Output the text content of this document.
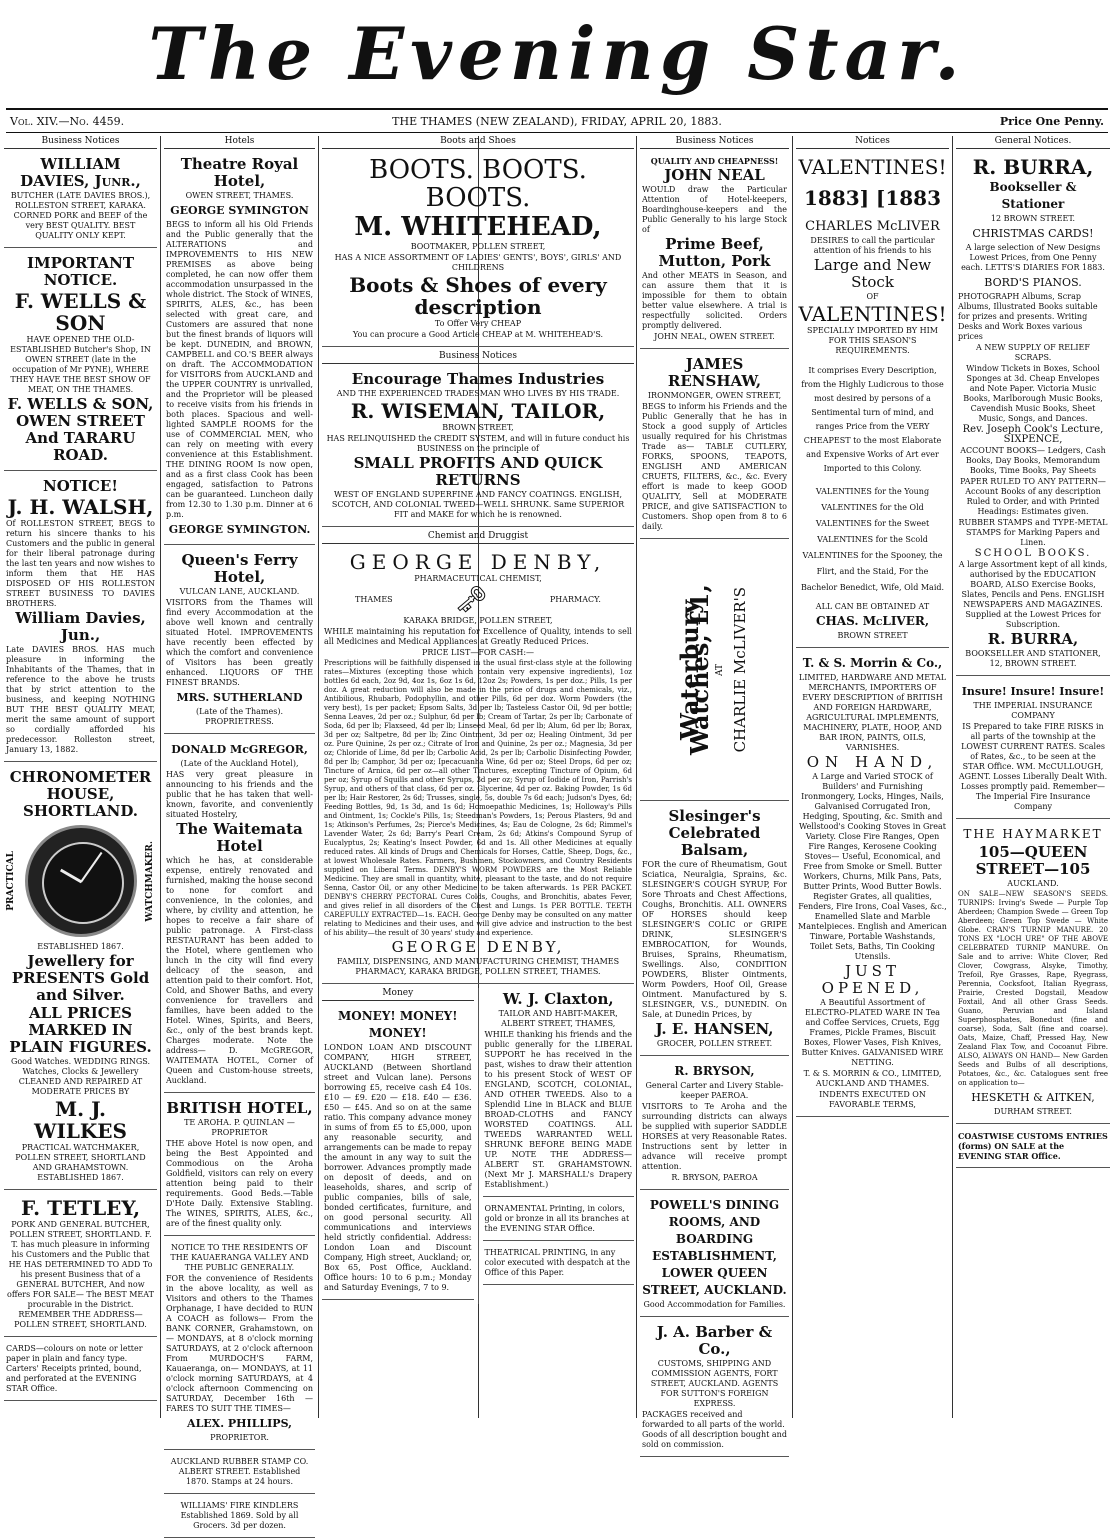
The Evening Star.
Vol. XIV.—No. 4459.	THE THAMES (NEW ZEALAND), FRIDAY, APRIL 20, 1883.	Price One Penny.
Business Notices

WILLIAM DAVIES, Junr.,

BUTCHER (LATE DAVIES BROS.), ROLLESTON STREET, KARAKA. CORNED PORK and BEEF of the very BEST QUALITY. BEST QUALITY ONLY KEPT.

IMPORTANT NOTICE.

F. WELLS & SON

HAVE OPENED THE OLD-ESTABLISHED Butcher's Shop, IN OWEN STREET (late in the occupation of Mr PYNE), WHERE THEY HAVE THE BEST SHOW OF MEAT, ON THE THAMES.

F. WELLS & SON, OWEN STREET And TARARU ROAD.

NOTICE!

J. H. WALSH,

Of ROLLESTON STREET, BEGS to return his sincere thanks to his Customers and the public in general for their liberal patronage during the last ten years and now wishes to inform them that HE HAS DISPOSED OF HIS ROLLESTON STREET BUSINESS TO DAVIES BROTHERS.

William Davies, Jun.,

Late DAVIES BROS. HAS much pleasure in informing the Inhabitants of the Thames, that in reference to the above he trusts that by strict attention to the business, and keeping NOTHING BUT THE BEST QUALITY MEAT, merit the same amount of support so cordially afforded his predecessor. Rolleston street, January 13, 1882.

CHRONOMETER HOUSE, SHORTLAND.

PRACTICAL	WATCHMAKER.

ESTABLISHED 1867.

Jewellery for PRESENTS Gold and Silver.

ALL PRICES MARKED IN PLAIN FIGURES.

Good Watches. WEDDING RINGS. Watches, Clocks & Jewellery CLEANED AND REPAIRED AT MODERATE PRICES BY

M. J. WILKES

PRACTICAL WATCHMAKER, POLLEN STREET, SHORTLAND AND GRAHAMSTOWN. ESTABLISHED 1867.

F. TETLEY,

PORK AND GENERAL BUTCHER, POLLEN STREET, SHORTLAND. F. T. has much pleasure in informing his Customers and the Public that HE HAS DETERMINED TO ADD To his present Business that of a GENERAL BUTCHER, And now offers FOR SALE— The BEST MEAT procurable in the District. REMEMBER THE ADDRESS— POLLEN STREET, SHORTLAND.

CARDS—colours on note or letter paper in plain and fancy type. Carters' Receipts printed, bound, and perforated at the EVENING STAR Office.

Hotels

Theatre Royal Hotel,

OWEN STREET, THAMES.

GEORGE SYMINGTON

BEGS to inform all his Old Friends and the Public generally that the ALTERATIONS and IMPROVEMENTS to HIS NEW PREMISES as above being completed, he can now offer them accommodation unsurpassed in the whole district. The Stock of WINES, SPIRITS, ALES, &c., has been selected with great care, and Customers are assured that none but the finest brands of liquors will be kept. DUNEDIN, and BROWN, CAMPBELL and CO.'S BEER always on draft. The ACCOMMODATION for VISITORS from AUCKLAND and the UPPER COUNTRY is unrivalled, and the Proprietor will be pleased to receive visits from his friends in both places. Spacious and well-lighted SAMPLE ROOMS for the use of COMMERCIAL MEN, who can rely on meeting with every convenience at this Establishment. THE DINING ROOM Is now open, and as a first class Cook has been engaged, satisfaction to Patrons can be guaranteed. Luncheon daily from 12.30 to 1.30 p.m. Dinner at 6 p.m.

GEORGE SYMINGTON.

Queen's Ferry Hotel,

VULCAN LANE, AUCKLAND.

VISITORS from the Thames will find every Accommodation at the above well known and centrally situated Hotel. IMPROVEMENTS have recently been effected by which the comfort and convenience of Visitors has been greatly enhanced. LIQUORS OF THE FINEST BRANDS.

MRS. SUTHERLAND

(Late of the Thames). PROPRIETRESS.

DONALD McGREGOR,

(Late of the Auckland Hotel),

HAS very great pleasure in announcing to his friends and the public that he has taken that well-known, favorite, and conveniently situated Hostelry,

The Waitemata Hotel

which he has, at considerable expense, entirely renovated and furnished, making the house second to none for comfort and convenience, in the colonies, and where, by civility and attention, he hopes to receive a fair share of public patronage. A First-class RESTAURANT has been added to the Hotel, where gentlemen who lunch in the city will find every delicacy of the season, and attention paid to their comfort. Hot, Cold, and Shower Baths, and every convenience for travellers and families, have been added to the Hotel. Wines, Spirits, and Beers, &c., only of the best brands kept. Charges moderate. Note the address— D. McGREGOR, WAITEMATA HOTEL, Corner of Queen and Custom-house streets, Auckland.

BRITISH HOTEL,

TE AROHA. P. QUINLAN — PROPRIETOR

THE above Hotel is now open, and being the Best Appointed and Commodious on the Aroha Goldfield, visitors can rely on every attention being paid to their requirements. Good Beds.—Table D'Hote Daily. Extensive Stabling. The WINES, SPIRITS, ALES, &c., are of the finest quality only.

NOTICE TO THE RESIDENTS OF THE KAUAERANGA VALLEY AND THE PUBLIC GENERALLY.

FOR the convenience of Residents in the above locality, as well as Visitors and others to the Thames Orphanage, I have decided to RUN A COACH as follows— From the BANK CORNER, Grahamstown, on— MONDAYS, at 8 o'clock morning SATURDAYS, at 2 o'clock afternoon From MURDOCH'S FARM, Kauaeranga, on— MONDAYS, at 11 o'clock morning SATURDAYS, at 4 o'clock afternoon Commencing on SATURDAY, December 16th —FARES TO SUIT THE TIMES—

ALEX. PHILLIPS,

PROPRIETOR.

AUCKLAND RUBBER STAMP CO. ALBERT STREET. Established 1870. Stamps at 24 hours.

WILLIAMS' FIRE KINDLERS Established 1869. Sold by all Grocers. 3d per dozen.

Boots and Shoes

BOOTS. BOOTS. BOOTS.

M. WHITEHEAD,

BOOTMAKER, POLLEN STREET,

HAS A NICE ASSORTMENT OF LADIES' GENTS', BOYS', GIRLS' AND CHILDRENS

Boots & Shoes of every description

To Offer Very CHEAP

You can procure a Good Article CHEAP at M. WHITEHEAD'S.

Business Notices

Encourage Thames Industries

AND THE EXPERIENCED TRADESMAN WHO LIVES BY HIS TRADE.

R. WISEMAN, TAILOR,

BROWN STREET,

HAS RELINQUISHED the CREDIT SYSTEM, and will in future conduct his BUSINESS on the principle of

SMALL PROFITS AND QUICK RETURNS

WEST OF ENGLAND SUPERFINE AND FANCY COATINGS. ENGLISH, SCOTCH, AND COLONIAL TWEED—WELL SHRUNK. Same SUPERIOR FIT and MAKE for which he is renowned.

Chemist and Druggist

GEORGE DENBY,

PHARMACEUTICAL CHEMIST,

THAMES 🗝	PHARMACY.

KARAKA BRIDGE, POLLEN STREET,

WHILE maintaining his reputation for Excellence of Quality, intends to sell all Medicines and Medical Appliances at Greatly Reduced Prices.

PRICE LIST—FOR CASH:—

Prescriptions will be faithfully dispensed in the usual first-class style at the following rates—Mixtures (excepting those which contain very expensive ingredients), 1oz bottles 6d each, 2oz 9d, 4oz 1s, 6oz 1s 6d, 12oz 2s; Powders, 1s per doz.; Pills, 1s per doz. A great reduction will also be made in the price of drugs and chemicals, viz., Antibilious, Rhubarb, Podophyllin, and other Pills, 6d per doz. Worm Powders (the very best), 1s per packet; Epsom Salts, 3d per lb; Tasteless Castor Oil, 9d per bottle; Senna Leaves, 2d per oz.; Sulphur, 6d per lb; Cream of Tartar, 2s per lb; Carbonate of Soda, 6d per lb; Flaxseed, 4d per lb; Linseed Meal, 6d per lb; Alum, 6d per lb; Borax, 3d per oz; Saltpetre, 8d per lb; Zinc Ointment, 3d per oz; Healing Ointment, 3d per oz. Pure Quinine, 2s per oz.; Citrate of Iron and Quinine, 2s per oz.; Magnesia, 3d per oz; Chloride of Lime, 8d per lb; Carbolic Acid, 2s per lb; Carbolic Disinfecting Powder, 8d per lb; Camphor, 3d per oz; Ipecacuanha Wine, 6d per oz; Steel Drops, 6d per oz; Tincture of Arnica, 6d per oz—all other Tinctures, excepting Tincture of Opium, 6d per oz; Syrup of Squills and other Syrups, 3d per oz; Syrup of Iodide of Iron, Parrish's Syrup, and others of that class, 6d per oz. Glycerine, 4d per oz. Baking Powder, 1s 6d per lb; Hair Restorer, 2s 6d; Trusses, single, 5s, double 7s 6d each; Judson's Dyes, 6d; Feeding Bottles, 9d, 1s 3d, and 1s 6d; Homoepathic Medicines, 1s; Holloway's Pills and Ointment, 1s; Cockle's Pills, 1s; Steedman's Powders, 1s; Perous Plasters, 9d and 1s; Atkinson's Perfumes, 2s; Pierce's Medicines, 4s; Eau de Cologne, 2s 6d; Rimmel's Lavender Water, 2s 6d; Barry's Pearl Cream, 2s 6d; Atkins's Compound Syrup of Eucalyptus, 2s; Keating's Insect Powder, 6d and 1s. All other Medicines at equally reduced rates. All kinds of Drugs and Chemicals for Horses, Cattle, Sheep, Dogs, &c., at lowest Wholesale Rates. Farmers, Bushmen, Stockowners, and Country Residents supplied on Liberal Terms. DENBY'S WORM POWDERS are the Most Reliable Medicine. They are small in quantity, white, pleasant to the taste, and do not require Senna, Castor Oil, or any other Medicine to be taken afterwards. 1s PER PACKET. DENBY'S CHERRY PECTORAL Cures Colds, Coughs, and Bronchitis, abates Fever, and gives relief in all disorders of the Chest and Lungs. 1s PER BOTTLE. TEETH CAREFULLY EXTRACTED—1s. EACH. George Denby may be consulted on any matter relating to Medicines and their uses, and will give advice and instruction to the best of his ability—the result of 30 years' study and experience.

GEORGE DENBY,

FAMILY, DISPENSING, AND MANUFACTURING CHEMIST, THAMES PHARMACY, KARAKA BRIDGE, POLLEN STREET, THAMES.

Money

MONEY! MONEY! MONEY!

LONDON LOAN AND DISCOUNT COMPANY, HIGH STREET, AUCKLAND (Between Shortland street and Vulcan lane). Persons borrowing £5, receive cash £4 10s. £10 — £9. £20 — £18. £40 — £36. £50 — £45. And so on at the same ratio. This company advance money in sums of from £5 to £5,000, upon any reasonable security, and arrangements can be made to repay the amount in any way to suit the borrower. Advances promptly made on deposit of deeds, and on leaseholds, shares, and scrip of public companies, bills of sale, bonded certificates, furniture, and on good personal security. All communications and interviews held strictly confidential. Address: London Loan and Discount Company, High street, Auckland; or, Box 65, Post Office, Auckland. Office hours: 10 to 6 p.m.; Monday and Saturday Evenings, 7 to 9.

W. J. Claxton,

TAILOR AND HABIT-MAKER, ALBERT STREET, THAMES,

WHILE thanking his friends and the public generally for the LIBERAL SUPPORT he has received in the past, wishes to draw their attention to his present Stock of WEST OF ENGLAND, SCOTCH, COLONIAL, AND OTHER TWEEDS. Also to a Splendid Line in BLACK and BLUE BROAD-CLOTHS and FANCY WORSTED COATINGS. ALL TWEEDS WARRANTED WELL SHRUNK BEFORE BEING MADE UP. NOTE THE ADDRESS— ALBERT ST. GRAHAMSTOWN. (Next Mr J. MARSHALL's Drapery Establishment.)

ORNAMENTAL Printing, in colors, gold or bronze in all its branches at the EVENING STAR Office.

THEATRICAL PRINTING, in any color executed with despatch at the Office of this Paper.

Business Notices

QUALITY AND CHEAPNESS!

JOHN NEAL

WOULD draw the Particular Attention of Hotel-keepers, Boardinghouse-keepers and the Public Generally to his large Stock of

Prime Beef, Mutton, Pork

And other MEATS in Season, and can assure them that it is impossible for them to obtain better value elsewhere. A trial is respectfully solicited. Orders promptly delivered.

JOHN NEAL, OWEN STREET.

JAMES RENSHAW,

IRONMONGER, OWEN STREET,

BEGS to inform his Friends and the Public Generally that he has in Stock a good supply of Articles usually required for his Christmas Trade as— TABLE CUTLERY, FORKS, SPOONS, TEAPOTS, ENGLISH AND AMERICAN CRUETS, FILTERS, &c., &c. Every effort is made to keep GOOD QUALITY, Sell at MODERATE PRICE, and give SATISFACTION to Customers. Shop open from 8 to 6 daily.

Waterbury Watches, £1, AT CHARLIE McLIVER'S

Slesinger's Celebrated Balsam,

FOR the cure of Rheumatism, Gout Sciatica, Neuralgia, Sprains, &c. SLESINGER'S COUGH SYRUP, For Sore Throats and Chest Affections, Coughs, Bronchitis. ALL OWNERS OF HORSES should keep SLESINGER'S COLIC or GRIPE DRINK, SLESINGER'S EMBROCATION, for Wounds, Bruises, Sprains, Rheumatism, Swellings. Also, CONDITION POWDERS, Blister Ointments, Worm Powders, Hoof Oil, Grease Ointment. Manufactured by S. SLESINGER, V.S., DUNEDIN. On Sale, at Dunedin Prices, by

J. E. HANSEN,

GROCER, POLLEN STREET.

R. BRYSON,

General Carter and Livery Stable-keeper PAEROA.

VISITORS to Te Aroha and the surrounding districts can always be supplied with superior SADDLE HORSES at very Reasonable Rates. Instructions sent by letter in advance will receive prompt attention.

R. BRYSON, PAEROA

POWELL'S DINING ROOMS, AND BOARDING ESTABLISHMENT, LOWER QUEEN STREET, AUCKLAND.

Good Accommodation for Families.

J. A. Barber & Co.,

CUSTOMS, SHIPPING AND COMMISSION AGENTS, FORT STREET, AUCKLAND. AGENTS FOR SUTTON'S FOREIGN EXPRESS.

PACKAGES received and forwarded to all parts of the world. Goods of all description bought and sold on commission.

Notices

VALENTINES!

1883] [1883

CHARLES McLIVER

DESIRES to call the particular attention of his friends to his

Large and New Stock

OF

VALENTINES!

SPECIALLY IMPORTED BY HIM FOR THIS SEASON'S REQUIREMENTS.

It comprises Every Description, from the Highly Ludicrous to those most desired by persons of a Sentimental turn of mind, and ranges Price from the VERY CHEAPEST to the most Elaborate and Expensive Works of Art ever Imported to this Colony.

VALENTINES for the Young VALENTINES for the Old VALENTINES for the Sweet VALENTINES for the Scold VALENTINES for the Spooney, the Flirt, and the Staid, For the Bachelor Benedict, Wife, Old Maid.

ALL CAN BE OBTAINED AT

CHAS. McLIVER,

BROWN STREET

T. & S. Morrin & Co.,

LIMITED, HARDWARE AND METAL MERCHANTS, IMPORTERS OF EVERY DESCRIPTION of BRITISH AND FOREIGN HARDWARE, AGRICULTURAL IMPLEMENTS, MACHINERY, PLATE, HOOP, AND BAR IRON, PAINTS, OILS, VARNISHES.

ON HAND,

A Large and Varied STOCK of Builders' and Furnishing Ironmongery, Locks, Hinges, Nails, Galvanised Corrugated Iron, Hedging, Spouting, &c. Smith and Wellstood's Cooking Stoves in Great Variety. Close Fire Ranges, Open Fire Ranges, Kerosene Cooking Stoves— Useful, Economical, and Free from Smoke or Smell. Butter Workers, Churns, Milk Pans, Pats, Butter Prints, Wood Butter Bowls. Register Grates, all qualities, Fenders, Fire Irons, Coal Vases, &c., Enamelled Slate and Marble Mantelpieces. English and American Tinware, Portable Washstands, Toilet Sets, Baths, Tin Cooking Utensils.

JUST OPENED,

A Beautiful Assortment of ELECTRO-PLATED WARE IN Tea and Coffee Services, Cruets, Egg Frames, Pickle Frames, Biscuit Boxes, Flower Vases, Fish Knives, Butter Knives. GALVANISED WIRE NETTING.

T. & S. MORRIN & CO., LIMITED, AUCKLAND AND THAMES.

INDENTS EXECUTED ON FAVORABLE TERMS,

General Notices.

R. BURRA,

Bookseller & Stationer

12 BROWN STREET.

CHRISTMAS CARDS!

A large selection of New Designs Lowest Prices, from One Penny each. LETTS'S DIARIES FOR 1883.

BORD'S PIANOS.

PHOTOGRAPH Albums, Scrap Albums, Illustrated Books suitable for prizes and presents. Writing Desks and Work Boxes various prices

A NEW SUPPLY OF RELIEF SCRAPS.

Window Tickets in Boxes, School Sponges at 3d. Cheap Envelopes and Note Paper. Victoria Music Books, Marlborough Music Books, Cavendish Music Books, Sheet Music, Songs, and Dances.

Rev. Joseph Cook's Lecture, SIXPENCE,

ACCOUNT BOOKS— Ledgers, Cash Books, Day Books, Memorandum Books, Time Books, Pay Sheets

PAPER RULED TO ANY PATTERN— Account Books of any description Ruled to Order, and with Printed Headings: Estimates given.

RUBBER STAMPS and TYPE-METAL STAMPS for Marking Papers and Linen.

SCHOOL BOOKS.

A large Assortment kept of all kinds, authorised by the EDUCATION BOARD, ALSO Exercise Books, Slates, Pencils and Pens. ENGLISH NEWSPAPERS AND MAGAZINES. Supplied at the Lowest Prices for Subscription.

R. BURRA,

BOOKSELLER AND STATIONER, 12, BROWN STREET.

Insure! Insure! Insure!

THE IMPERIAL INSURANCE COMPANY

IS Prepared to take FIRE RISKS in all parts of the township at the LOWEST CURRENT RATES. Scales of Rates, &c., to be seen at the STAR Office. WM. McCULLOUGH, AGENT. Losses Liberally Dealt With. Losses promptly paid. Remember— The Imperial Fire Insurance Company

THE HAYMARKET

105—QUEEN STREET—105

AUCKLAND.

ON SALE—NEW SEASON'S SEEDS. TURNIPS: Irving's Swede — Purple Top Aberdeen; Champion Swede — Green Top Aberdeen; Green Top Swede — White Globe. CRAN'S TURNIP MANURE. 20 TONS EX "LOCH URE" OF THE ABOVE CELEBRATED TURNIP MANURE. On Sale and to arrive: White Clover, Red Clover, Cowgrass, Alsyke, Timothy, Trefoil, Rye Grasses, Rape, Ryegrass, Perennia, Cocksfoot, Italian Ryegrass, Prairie, Crested Dogstail, Meadow Foxtail, And all other Grass Seeds. Guano, Peruvian and Island Superphosphates, Bonedust (fine and coarse), Soda, Salt (fine and coarse). Oats, Maize, Chaff, Pressed Hay, New Zealand Flax Tow, and Cocoanut Fibre. ALSO, ALWAYS ON HAND— New Garden Seeds and Bulbs of all descriptions, Potatoes, &c., &c. Catalogues sent free on application to—

HESKETH & AITKEN,

DURHAM STREET.

COASTWISE CUSTOMS ENTRIES (forms) ON SALE at the EVENING STAR Office.
